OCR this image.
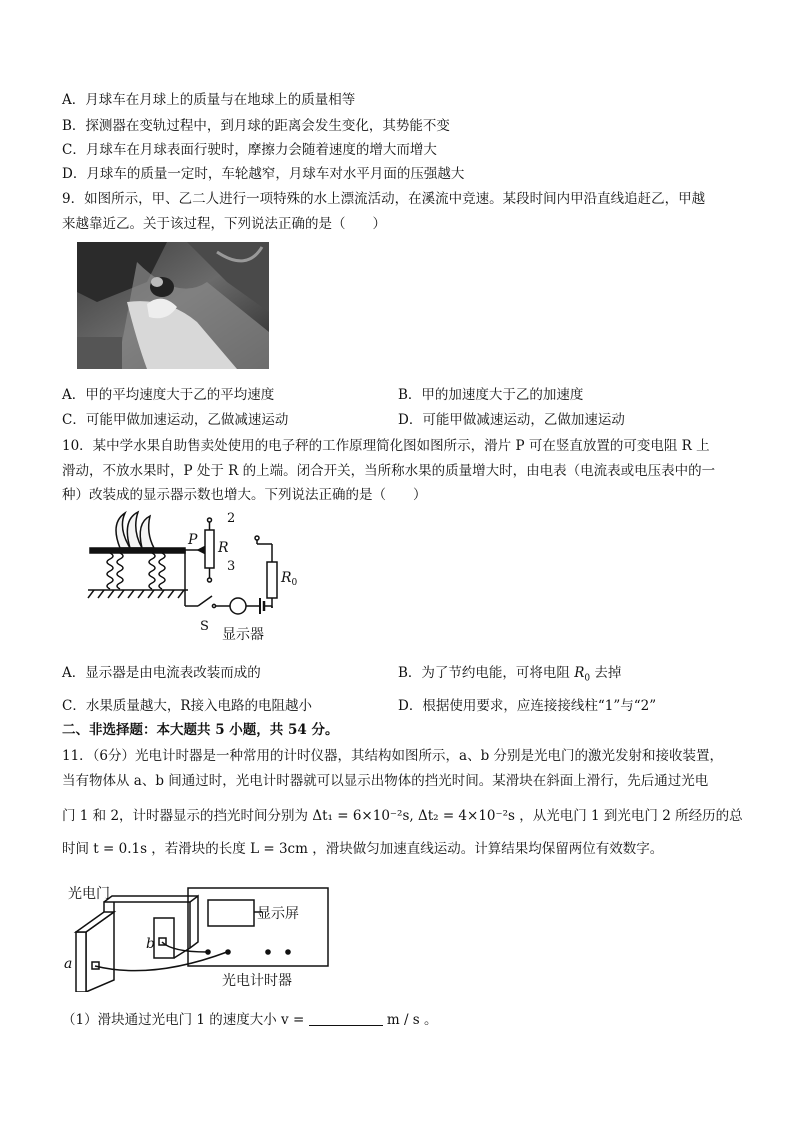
A．月球车在月球上的质量与在地球上的质量相等
B．探测器在变轨过程中，到月球的距离会发生变化，其势能不变
C．月球车在月球表面行驶时，摩擦力会随着速度的增大而增大
D．月球车的质量一定时，车轮越窄，月球车对水平月面的压强越大
9．如图所示，甲、乙二人进行一项特殊的水上漂流活动，在溪流中竞速。某段时间内甲沿直线追赶乙，甲越
来越靠近乙。关于该过程，下列说法正确的是（　　）
A．甲的平均速度大于乙的平均速度	B．甲的加速度大于乙的加速度
C．可能甲做加速运动，乙做减速运动	D．可能甲做减速运动，乙做加速运动
10．某中学水果自助售卖处使用的电子秤的工作原理简化图如图所示，滑片 P 可在竖直放置的可变电阻 R 上
滑动，不放水果时，P 处于 R 的上端。闭合开关，当所称水果的质量增大时，由电表（电流表或电压表中的一
种）改装成的显示器示数也增大。下列说法正确的是（　　）
P R
2
3
$R_0$
S
显示器
A．显示器是由电流表改装而成的	B．为了节约电能，可将电阻 $R_0$ 去掉
C．水果质量越大，R接入电路的电阻越小	D．根据使用要求，应连接接线柱“1”与“2”
二、非选择题：本大题共 5 小题，共 54 分。
11．（6分）光电计时器是一种常用的计时仪器，其结构如图所示，a、b 分别是光电门的激光发射和接收装置，
当有物体从 a、b 间通过时，光电计时器就可以显示出物体的挡光时间。某滑块在斜面上滑行，先后通过光电
门 1 和 2，计时器显示的挡光时间分别为 Δt₁ = 6×10⁻²s, Δt₂ = 4×10⁻²s ，从光电门 1 到光电门 2 所经历的总
时间 t = 0.1s ，若滑块的长度 L = 3cm ，滑块做匀加速直线运动。计算结果均保留两位有效数字。
光电门
显示屏
光电计时器
a
b
（1）滑块通过光电门 1 的速度大小 v =	m / s 。
